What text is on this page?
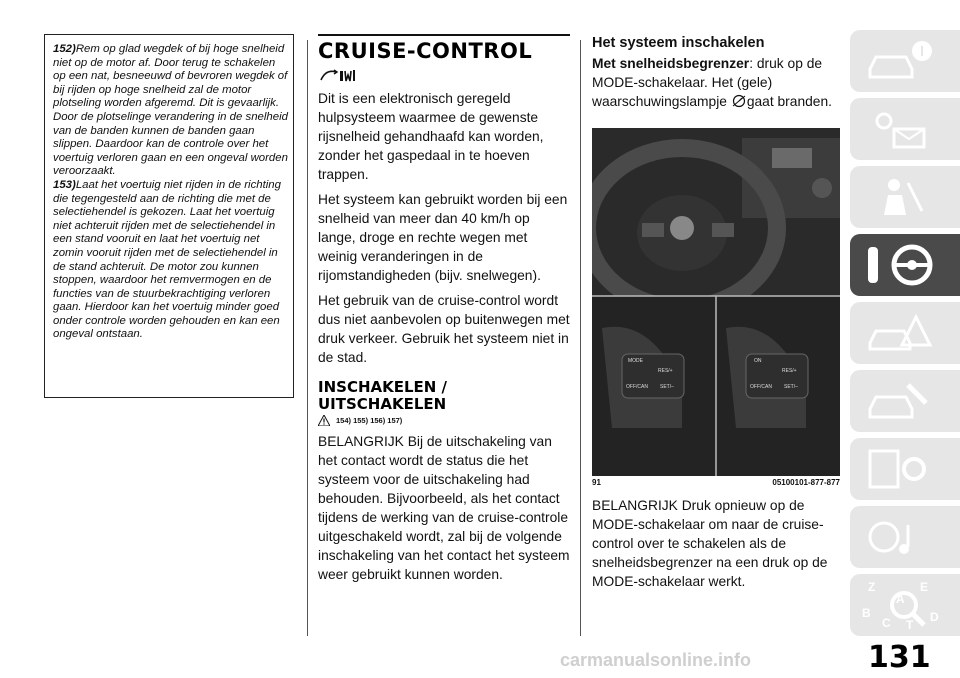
152)Rem op glad wegdek of bij hoge snelheid niet op de motor af. Door terug te schakelen op een nat, besneeuwd of bevroren wegdek of bij rijden op hoge snelheid zal de motor plotseling worden afgeremd. Dit is gevaarlijk. Door de plotselinge verandering in de snelheid van de banden kunnen de banden gaan slippen. Daardoor kan de controle over het voertuig verloren gaan en een ongeval worden veroorzaakt.

153)Laat het voertuig niet rijden in de richting die tegengesteld aan de richting die met de selectiehendel is gekozen. Laat het voertuig niet achteruit rijden met de selectiehendel in een stand vooruit en laat het voertuig net zomin vooruit rijden met de selectiehendel in de stand achteruit. De motor zou kunnen stoppen, waardoor het remvermogen en de functies van de stuurbekrachtiging verloren gaan. Hierdoor kan het voertuig minder goed onder controle worden gehouden en kan een ongeval ontstaan.

CRUISE-CONTROL

Dit is een elektronisch geregeld hulpsysteem waarmee de gewenste rijsnelheid gehandhaafd kan worden, zonder het gaspedaal in te hoeven trappen.

Het systeem kan gebruikt worden bij een snelheid van meer dan 40 km/h op lange, droge en rechte wegen met weinig veranderingen in de rijomstandigheden (bijv. snelwegen).

Het gebruik van de cruise-control wordt dus niet aanbevolen op buitenwegen met druk verkeer. Gebruik het systeem niet in de stad.

INSCHAKELEN / UITSCHAKELEN
154) 155) 156) 157)

BELANGRIJK Bij de uitschakeling van het contact wordt de status die het systeem voor de uitschakeling had behouden. Bijvoorbeeld, als het contact tijdens de werking van de cruise-controle uitgeschakeld wordt, zal bij de volgende inschakeling van het contact het systeem weer gebruikt kunnen worden.

Het systeem inschakelen

Met snelheidsbegrenzer: druk op de MODE-schakelaar. Het (gele) waarschuwingslampje gaat branden.

MODE
RES/+
OFF/CAN SET/–
ON
RES/+
OFF/CAN SET/–
91	05100101-877-877

BELANGRIJK Druk opnieuw op de MODE-schakelaar om naar de cruise-control over te schakelen als de snelheidsbegrenzer na een druk op de MODE-schakelaar werkt.	Z	E
A
B
C T
D
131
carmanualsonline.info
